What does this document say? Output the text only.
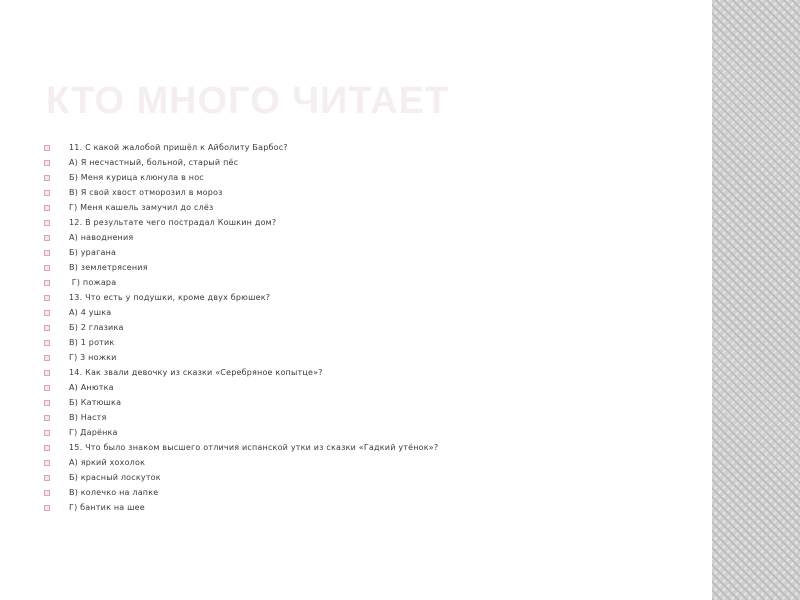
КТО МНОГО ЧИТАЕТ
11. С какой жалобой пришёл к Айболиту Барбос?
А) Я несчастный, больной, старый пёс
Б) Меня курица клюнула в нос
В) Я свой хвост отморозил в мороз
Г) Меня кашель замучил до слёз
12. В результате чего пострадал Кошкин дом?
А) наводнения
Б) урагана
В) землетрясения
Г) пожара
13. Что есть у подушки, кроме двух брюшек?
А) 4 ушка
Б) 2 глазика
В) 1 ротик
Г) 3 ножки
14. Как звали девочку из сказки «Серебряное копытце»?
А) Анютка
Б) Катюшка
В) Настя
Г) Дарёнка
15. Что было знаком высшего отличия испанской утки из сказки «Гадкий утёнок»?
А) яркий хохолок
Б) красный лоскуток
В) колечко на лапке
Г) бантик на шее
